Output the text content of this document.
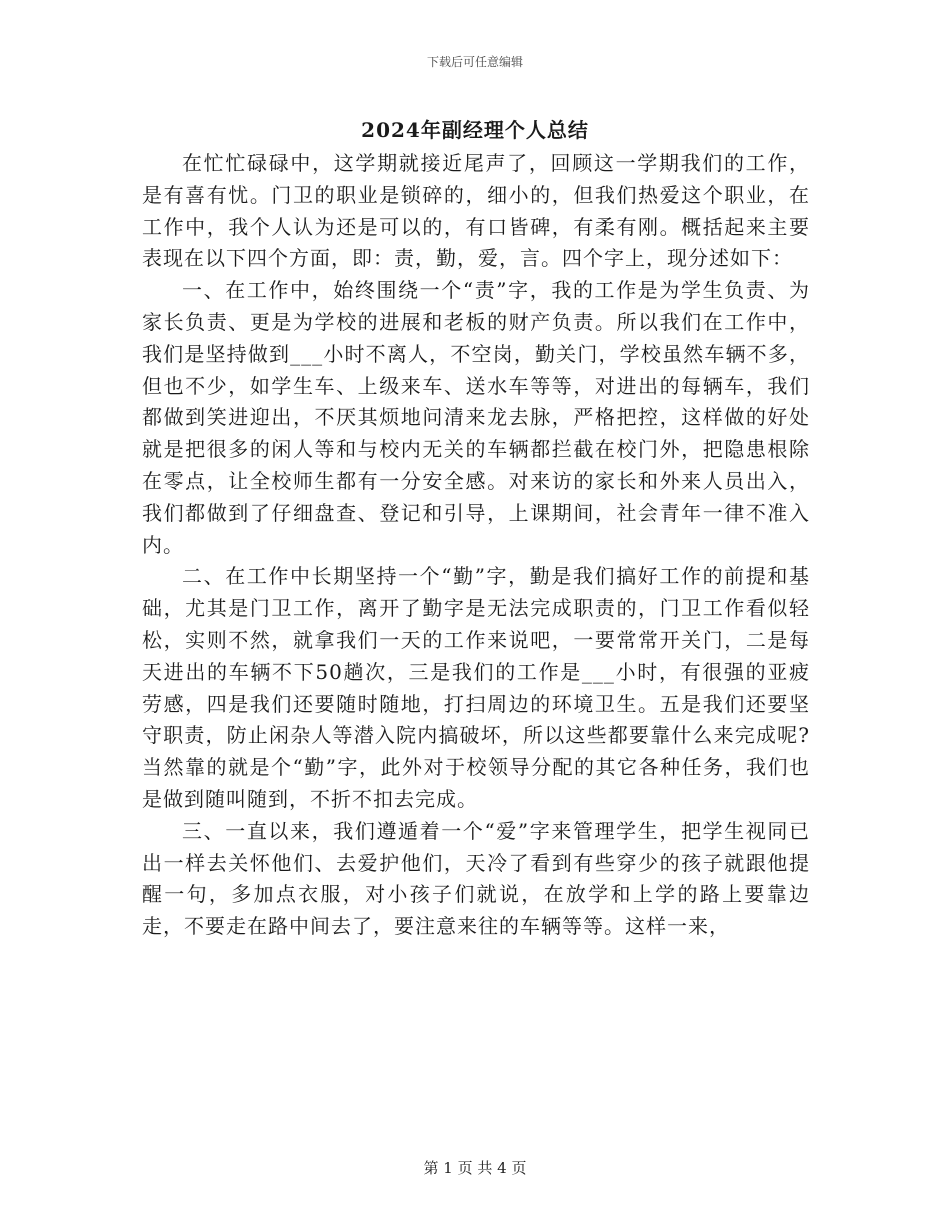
下载后可任意编辑
2024年副经理个人总结

在忙忙碌碌中，这学期就接近尾声了，回顾这一学期我们的工作，是有喜有忧。门卫的职业是锁碎的，细小的，但我们热爱这个职业，在工作中，我个人认为还是可以的，有口皆碑，有柔有刚。概括起来主要表现在以下四个方面，即：责，勤，爱，言。四个字上，现分述如下：

一、在工作中，始终围绕一个“责”字，我的工作是为学生负责、为家长负责、更是为学校的进展和老板的财产负责。所以我们在工作中，我们是坚持做到___小时不离人，不空岗，勤关门，学校虽然车辆不多，但也不少，如学生车、上级来车、送水车等等，对进出的每辆车，我们都做到笑进迎出，不厌其烦地问清来龙去脉，严格把控，这样做的好处就是把很多的闲人等和与校内无关的车辆都拦截在校门外，把隐患根除在零点，让全校师生都有一分安全感。对来访的家长和外来人员出入，我们都做到了仔细盘查、登记和引导，上课期间，社会青年一律不准入内。

二、在工作中长期坚持一个“勤”字，勤是我们搞好工作的前提和基础，尤其是门卫工作，离开了勤字是无法完成职责的，门卫工作看似轻松，实则不然，就拿我们一天的工作来说吧，一要常常开关门，二是每天进出的车辆不下50趟次，三是我们的工作是___小时，有很强的亚疲劳感，四是我们还要随时随地，打扫周边的环境卫生。五是我们还要坚守职责，防止闲杂人等潜入院内搞破坏，所以这些都要靠什么来完成呢?当然靠的就是个“勤”字，此外对于校领导分配的其它各种任务，我们也是做到随叫随到，不折不扣去完成。

三、一直以来，我们遵遁着一个“爱”字来管理学生，把学生视同已出一样去关怀他们、去爱护他们，天冷了看到有些穿少的孩子就跟他提醒一句，多加点衣服，对小孩子们就说，在放学和上学的路上要靠边走，不要走在路中间去了，要注意来往的车辆等等。这样一来，

第 1 页 共 4 页
